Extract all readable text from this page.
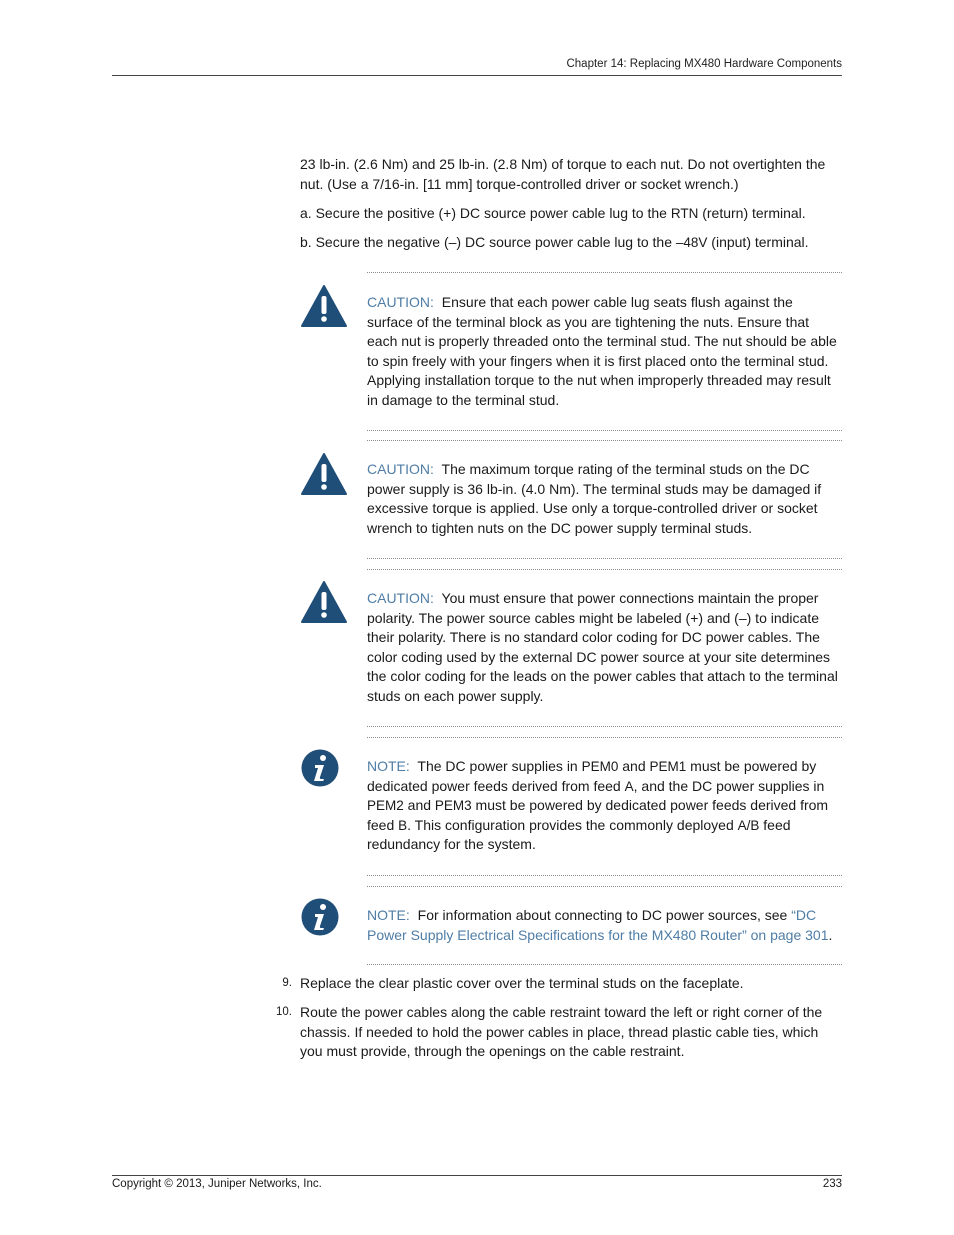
Chapter 14: Replacing MX480 Hardware Components
23 lb-in. (2.6 Nm) and 25 lb-in. (2.8 Nm) of torque to each nut. Do not overtighten the nut. (Use a 7/16-in. [11 mm] torque-controlled driver or socket wrench.)
a. Secure the positive (+) DC source power cable lug to the RTN (return) terminal.
b. Secure the negative (–) DC source power cable lug to the –48V (input) terminal.
CAUTION: Ensure that each power cable lug seats flush against the surface of the terminal block as you are tightening the nuts. Ensure that each nut is properly threaded onto the terminal stud. The nut should be able to spin freely with your fingers when it is first placed onto the terminal stud. Applying installation torque to the nut when improperly threaded may result in damage to the terminal stud.
CAUTION: The maximum torque rating of the terminal studs on the DC power supply is 36 lb-in. (4.0 Nm). The terminal studs may be damaged if excessive torque is applied. Use only a torque-controlled driver or socket wrench to tighten nuts on the DC power supply terminal studs.
CAUTION: You must ensure that power connections maintain the proper polarity. The power source cables might be labeled (+) and (–) to indicate their polarity. There is no standard color coding for DC power cables. The color coding used by the external DC power source at your site determines the color coding for the leads on the power cables that attach to the terminal studs on each power supply.
NOTE: The DC power supplies in PEM0 and PEM1 must be powered by dedicated power feeds derived from feed A, and the DC power supplies in PEM2 and PEM3 must be powered by dedicated power feeds derived from feed B. This configuration provides the commonly deployed A/B feed redundancy for the system.
NOTE: For information about connecting to DC power sources, see “DC Power Supply Electrical Specifications for the MX480 Router” on page 301.
9. Replace the clear plastic cover over the terminal studs on the faceplate.
10. Route the power cables along the cable restraint toward the left or right corner of the chassis. If needed to hold the power cables in place, thread plastic cable ties, which you must provide, through the openings on the cable restraint.
Copyright © 2013, Juniper Networks, Inc.	233
